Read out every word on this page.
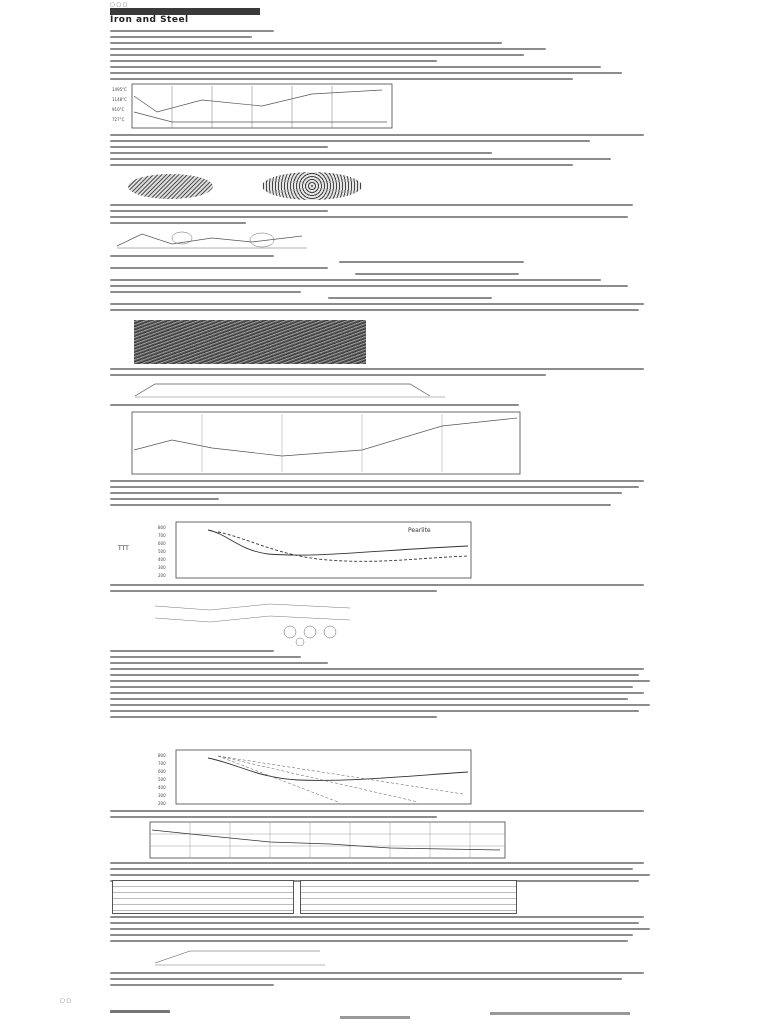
▢ ▢ ▢
Iron and Steel
1495°C
1148°C
910°C
727°C
TTT
Pearlite
800
700
600
500
400
300
200
800
700
600
500
400
300
200
▢ ▢
